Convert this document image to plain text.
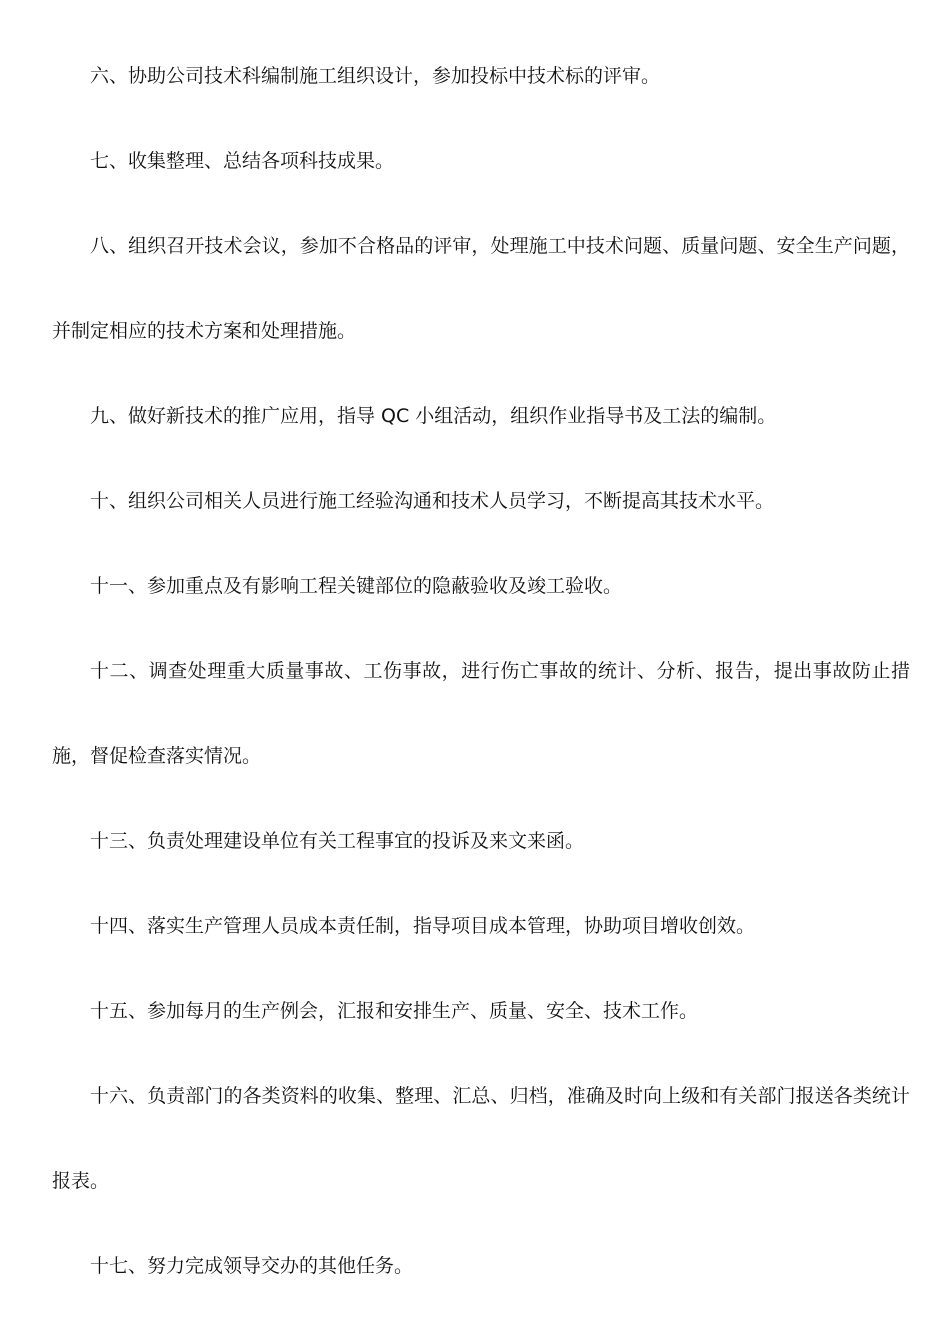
六、协助公司技术科编制施工组织设计，参加投标中技术标的评审。

七、收集整理、总结各项科技成果。

八、组织召开技术会议，参加不合格品的评审，处理施工中技术问题、质量问题、安全生产问题，并制定相应的技术方案和处理措施。

九、做好新技术的推广应用，指导 QC 小组活动，组织作业指导书及工法的编制。

十、组织公司相关人员进行施工经验沟通和技术人员学习，不断提高其技术水平。

十一、参加重点及有影响工程关键部位的隐蔽验收及竣工验收。

十二、调查处理重大质量事故、工伤事故，进行伤亡事故的统计、分析、报告，提出事故防止措施，督促检查落实情况。

十三、负责处理建设单位有关工程事宜的投诉及来文来函。

十四、落实生产管理人员成本责任制，指导项目成本管理，协助项目增收创效。

十五、参加每月的生产例会，汇报和安排生产、质量、安全、技术工作。

十六、负责部门的各类资料的收集、整理、汇总、归档，准确及时向上级和有关部门报送各类统计报表。

十七、努力完成领导交办的其他任务。
